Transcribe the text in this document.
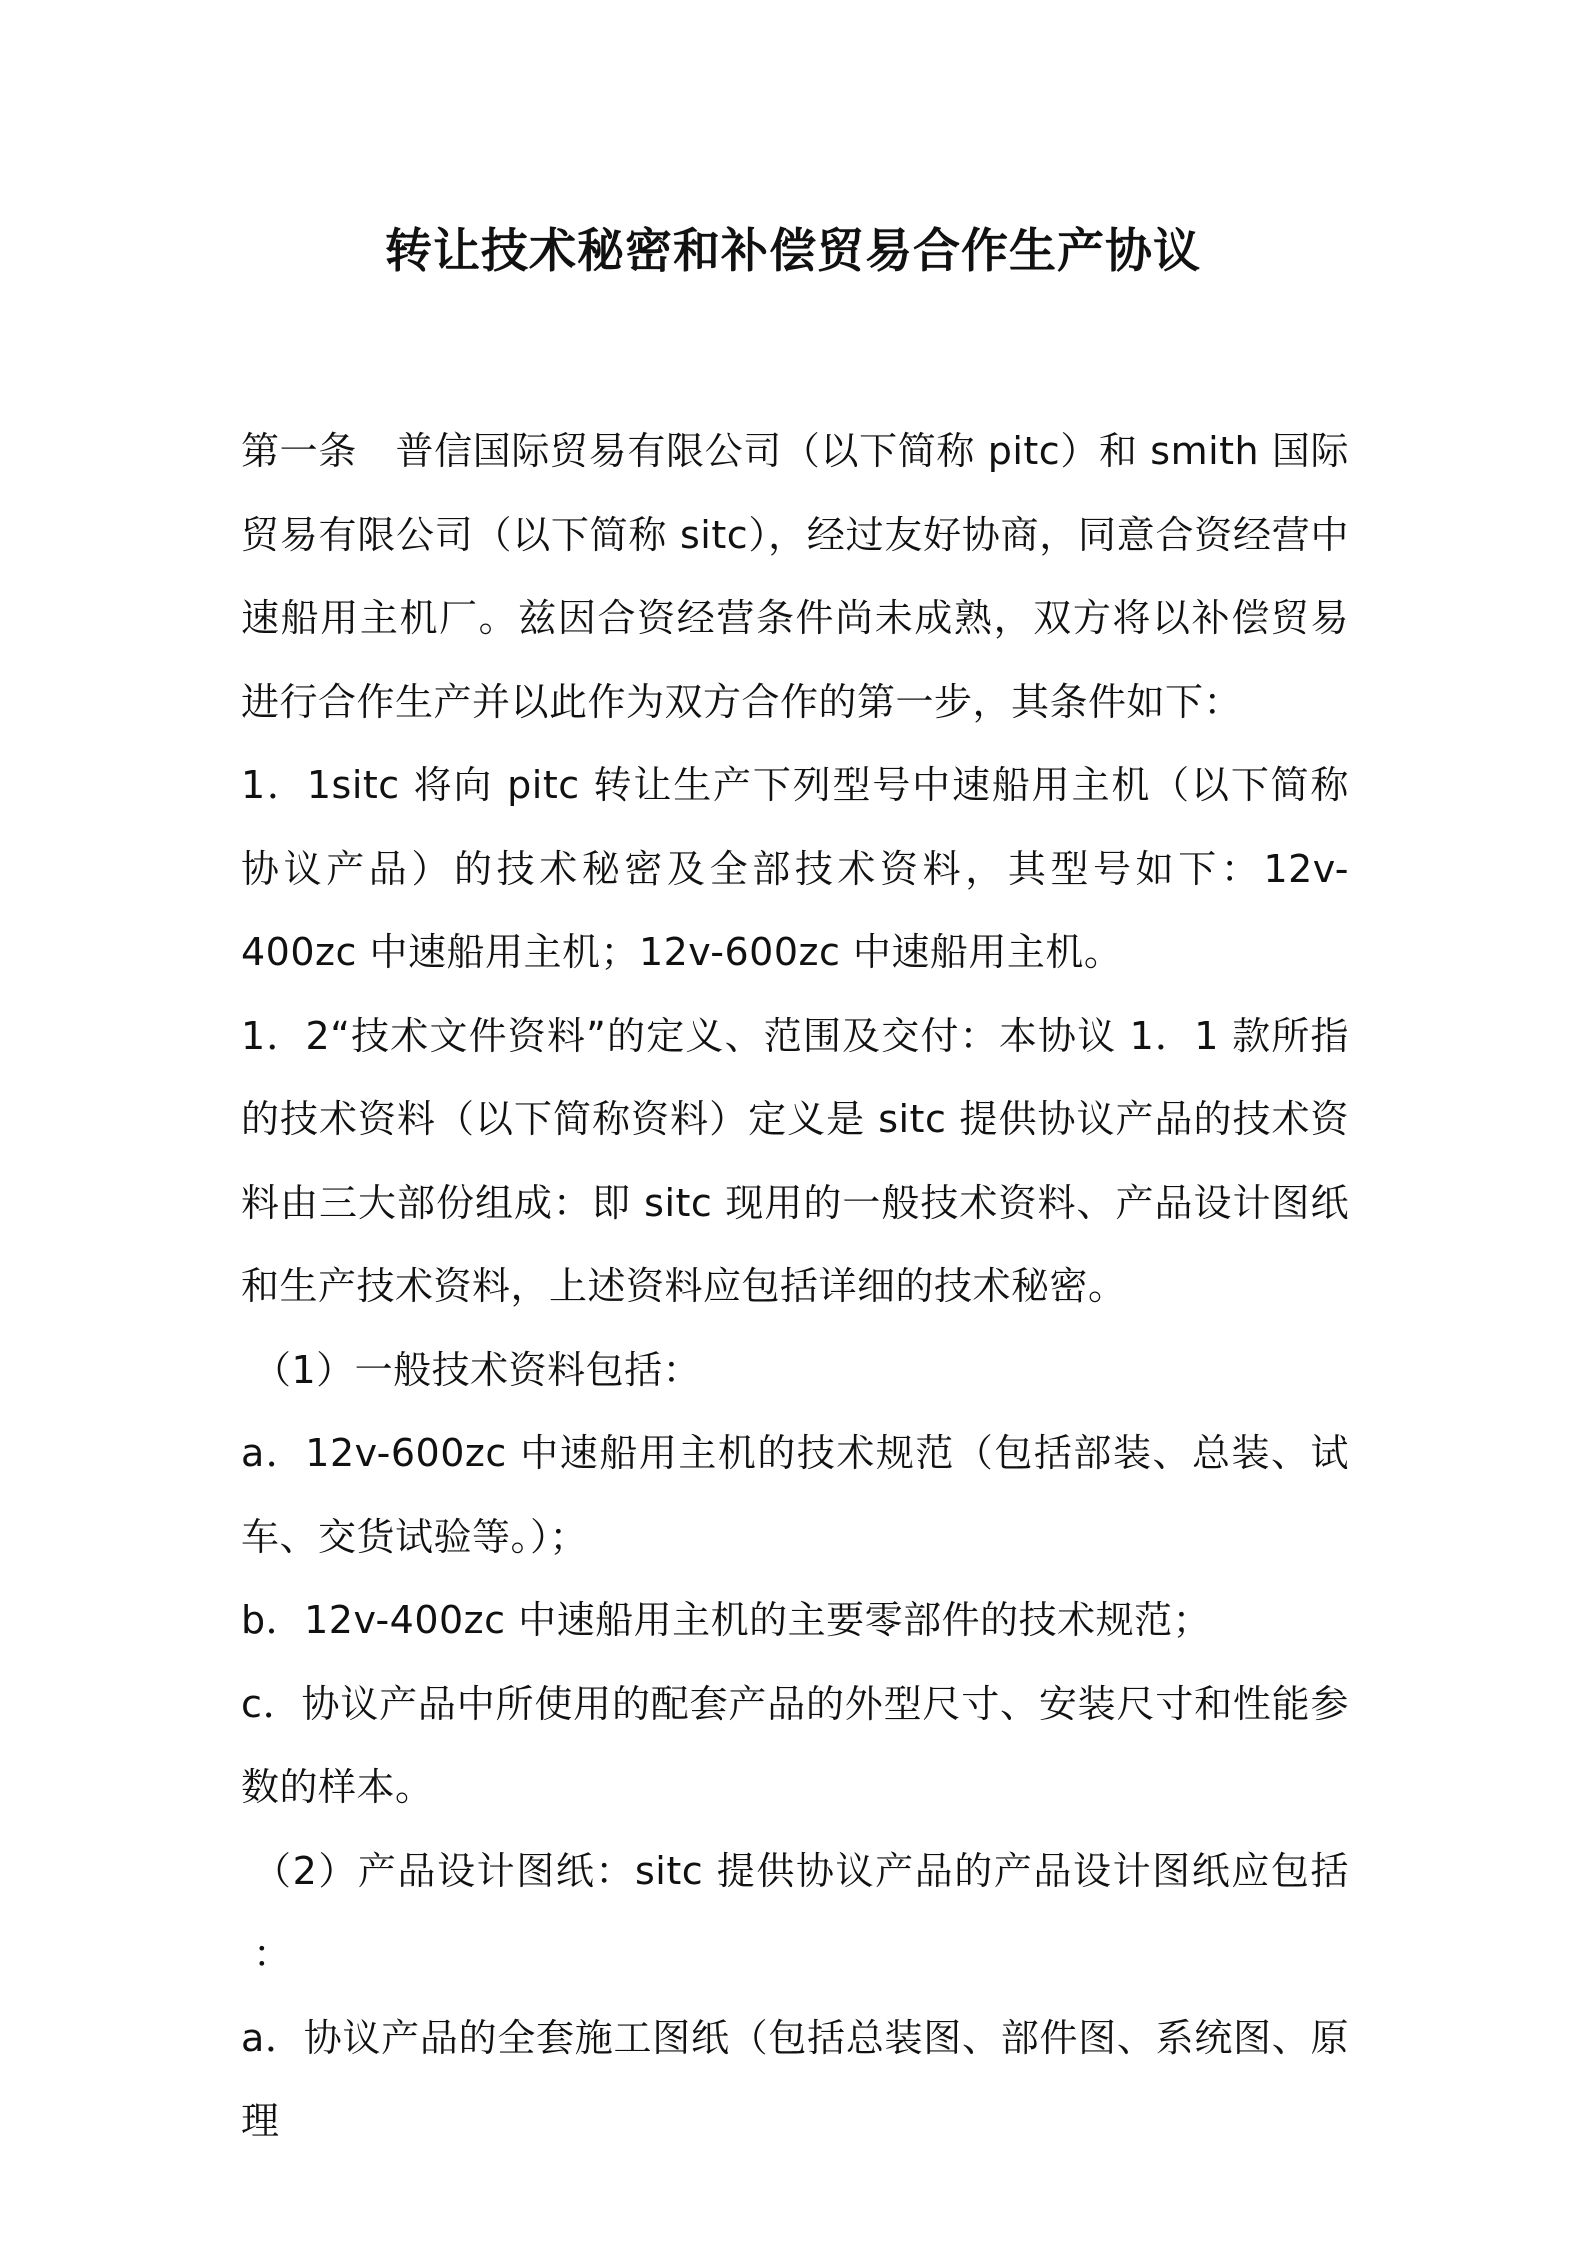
转让技术秘密和补偿贸易合作生产协议

第一条　普信国际贸易有限公司（以下简称 pitc）和 smith 国际贸易有限公司（以下简称 sitc），经过友好协商，同意合资经营中速船用主机厂。兹因合资经营条件尚未成熟，双方将以补偿贸易进行合作生产并以此作为双方合作的第一步，其条件如下：

1．1sitc 将向 pitc 转让生产下列型号中速船用主机（以下简称协议产品）的技术秘密及全部技术资料，其型号如下：12v-400zc 中速船用主机；12v-600zc 中速船用主机。

1．2“技术文件资料”的定义、范围及交付：本协议 1．1 款所指的技术资料（以下简称资料）定义是 sitc 提供协议产品的技术资料由三大部份组成：即 sitc 现用的一般技术资料、产品设计图纸和生产技术资料，上述资料应包括详细的技术秘密。

（1）一般技术资料包括：

a．12v-600zc 中速船用主机的技术规范（包括部装、总装、试车、交货试验等。）；

b．12v-400zc 中速船用主机的主要零部件的技术规范；

c．协议产品中所使用的配套产品的外型尺寸、安装尺寸和性能参数的样本。

（2）产品设计图纸：sitc 提供协议产品的产品设计图纸应包括 ：

a．协议产品的全套施工图纸（包括总装图、部件图、系统图、原理
